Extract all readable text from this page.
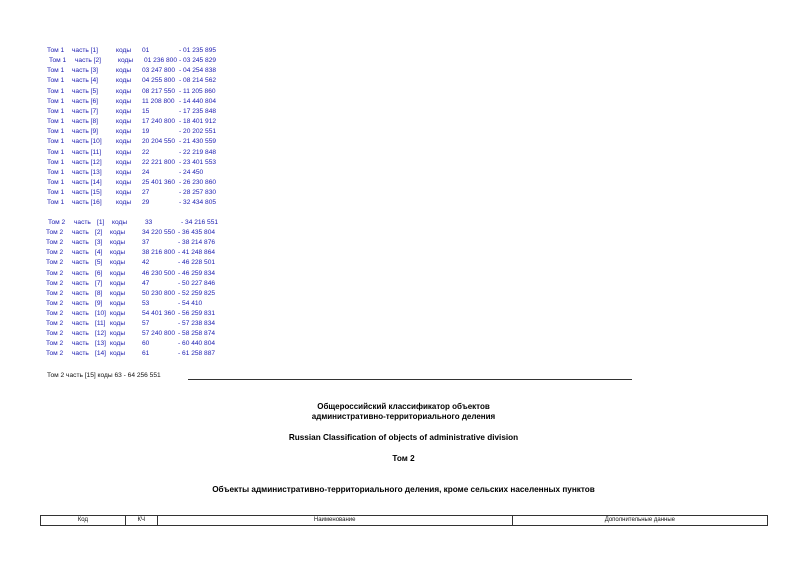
Том 1 часть [1]	коды 01	- 01 235 895
Том 1 часть [2]	коды 01 236 800 - 03 245 829
Том 1 часть [3]	коды 03 247 800 - 04 254 838
Том 1 часть [4]	коды 04 255 800 - 08 214 562
Том 1 часть [5]	коды 08 217 550 - 11 205 860
Том 1 часть [6]	коды 11 208 800 - 14 440 804
Том 1 часть [7]	коды 15	- 17 235 848
Том 1 часть [8]	коды 17 240 800 - 18 401 912
Том 1 часть [9]	коды 19	- 20 202 551
Том 1 часть [10] коды 20 204 550 - 21 430 559
Том 1 часть [11] коды 22	- 22 219 848
Том 1 часть [12] коды 22 221 800 - 23 401 553
Том 1 часть [13] коды 24	- 24 450
Том 1 часть [14] коды 25 401 360 - 26 230 860
Том 1 часть [15] коды 27	- 28 257 830
Том 1 часть [16] коды 29	- 32 434 805
Том 2 часть [1] коды	33	- 34 216 551
Том 2 часть [2] коды	34 220 550 - 36 435 804
Том 2 часть [3] коды	37	- 38 214 876
Том 2 часть [4] коды	38 216 800 - 41 248 864
Том 2 часть [5] коды	42	- 46 228 501
Том 2 часть [6] коды	46 230 500 - 46 259 834
Том 2 часть [7] коды	47	- 50 227 846
Том 2 часть [8] коды	50 230 800 - 52 259 825
Том 2 часть [9] коды	53	- 54 410
Том 2 часть [10] коды	54 401 360 - 56 259 831
Том 2 часть [11] коды	57	- 57 238 834
Том 2 часть [12] коды	57 240 800 - 58 258 874
Том 2 часть [13] коды	60	- 60 440 804
Том 2 часть [14] коды	61	- 61 258 887
Том 2 часть [15] коды 63 - 64 256 551
Общероссийский классификатор объектов
административно-территориального деления
Russian Classification of objects of administrative division
Том 2
Объекты административно-территориального деления, кроме сельских населенных пунктов
Код	КЧ	Наименование	Дополнительные данные
